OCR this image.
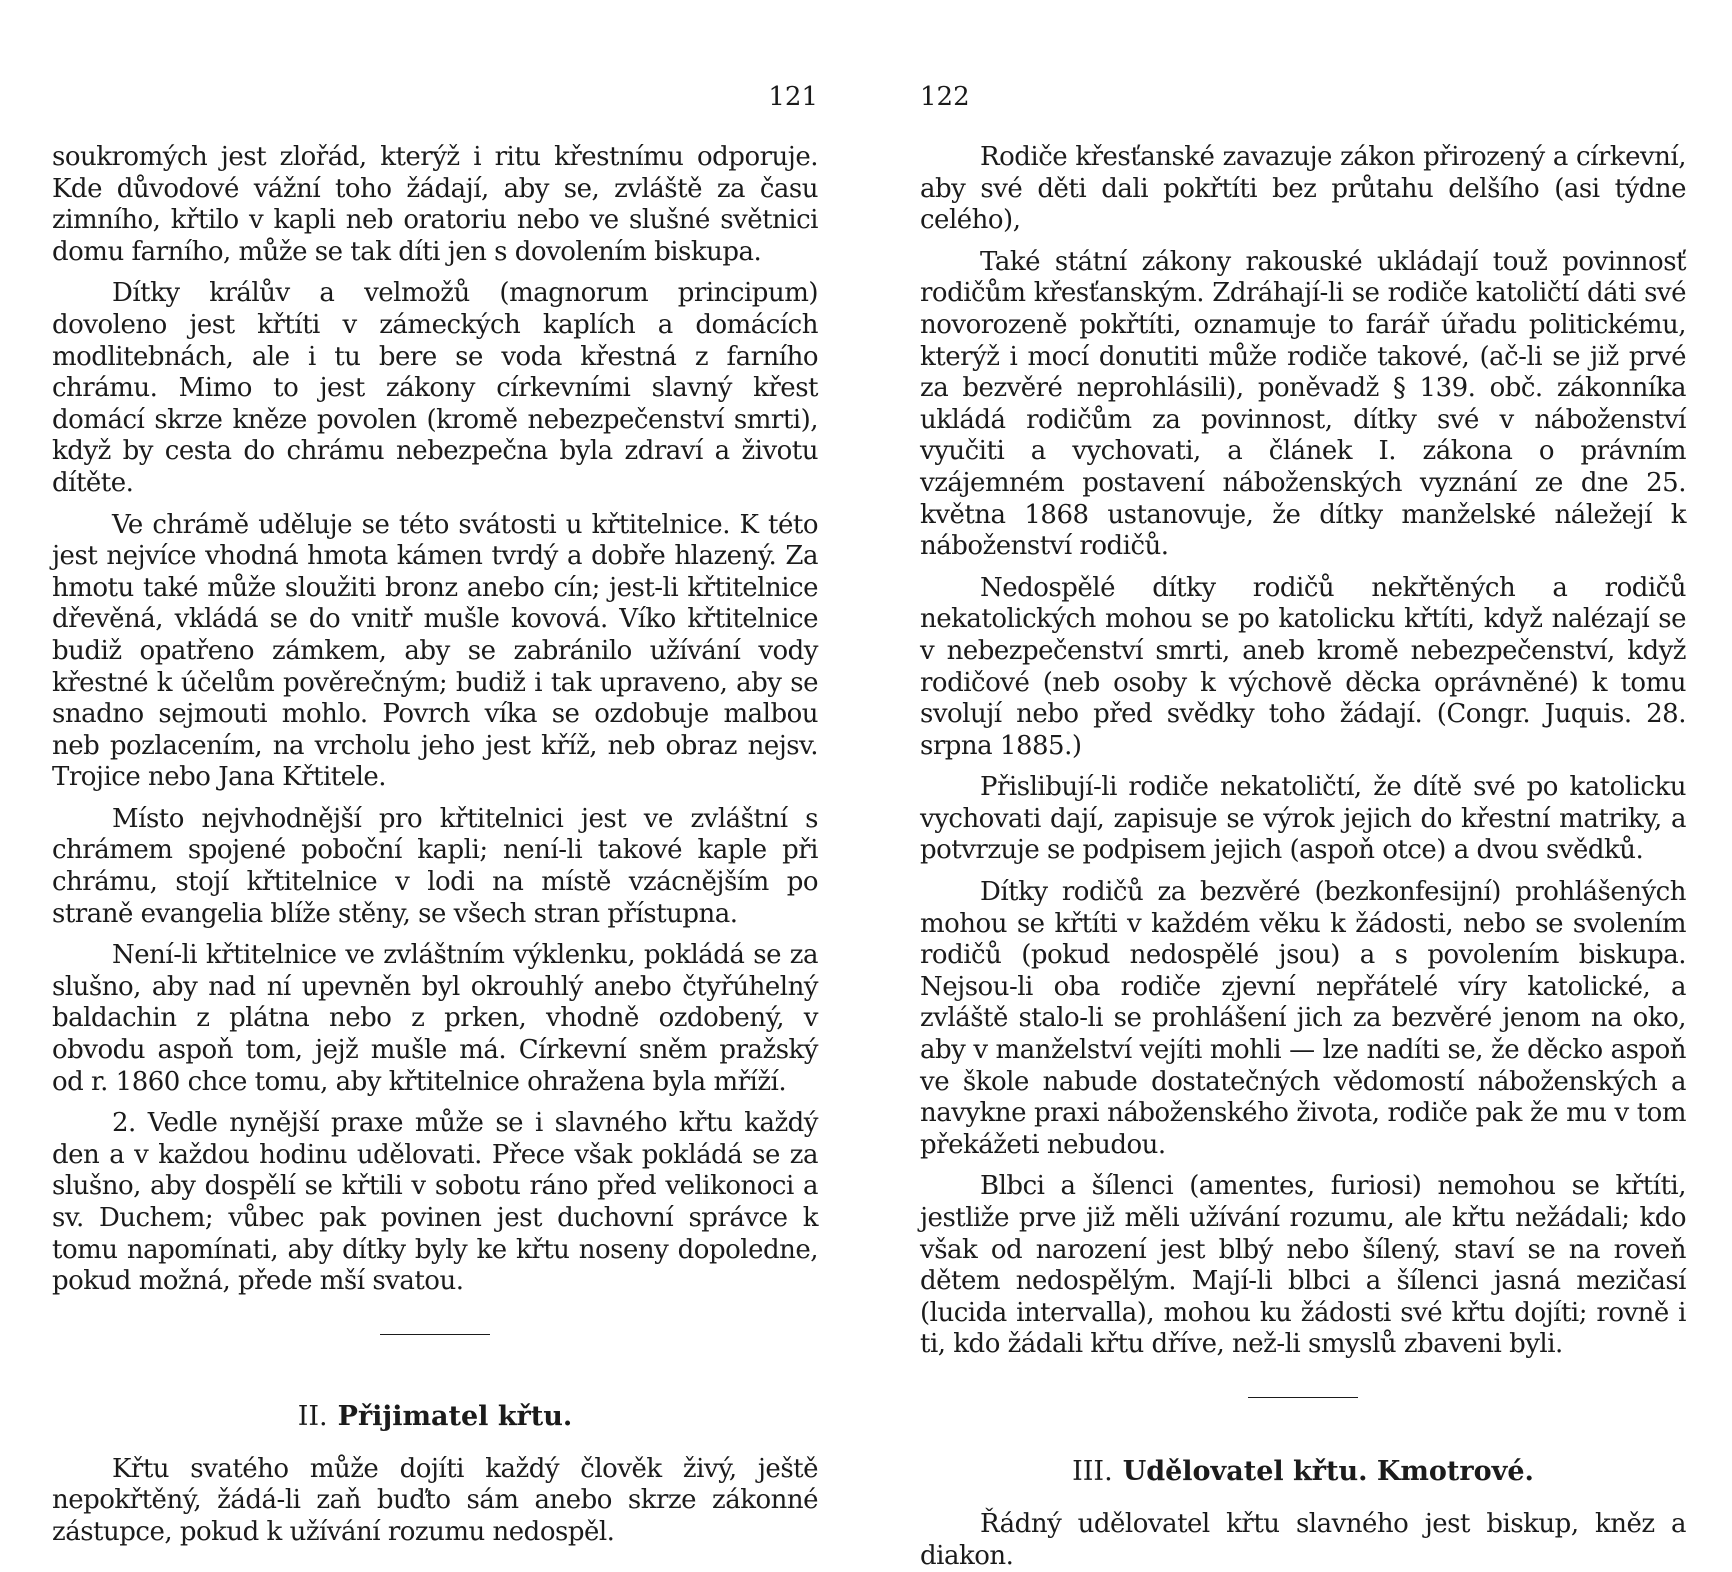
121

soukromých jest zlořád, kterýž i ritu křestnímu odporuje. Kde důvodové vážní toho žádají, aby se, zvláště za času zimního, křtilo v kapli neb oratoriu nebo ve slušné světnici domu farního, může se tak díti jen s dovolením biskupa.

Dítky králův a velmožů (magnorum principum) dovoleno jest křtíti v zámeckých kaplích a domácích modlitebnách, ale i tu bere se voda křestná z farního chrámu. Mimo to jest zákony církevními slavný křest domácí skrze kněze povolen (kromě nebezpečenství smrti), když by cesta do chrámu nebezpečna byla zdraví a životu dítěte.

Ve chrámě uděluje se této svátosti u křtitelnice. K této jest nejvíce vhodná hmota kámen tvrdý a dobře hlazený. Za hmotu také může sloužiti bronz anebo cín; jest-li křtitelnice dřevěná, vkládá se do vnitř mušle kovová. Víko křtitelnice budiž opatřeno zámkem, aby se zabránilo užívání vody křestné k účelům pověrečným; budiž i tak upraveno, aby se snadno sejmouti mohlo. Povrch víka se ozdobuje malbou neb pozlacením, na vrcholu jeho jest kříž, neb obraz nejsv. Trojice nebo Jana Křtitele.

Místo nejvhodnější pro křtitelnici jest ve zvláštní s chrámem spojené poboční kapli; není-li takové kaple při chrámu, stojí křtitelnice v lodi na místě vzácnějším po straně evangelia blíže stěny, se všech stran přístupna.

Není-li křtitelnice ve zvláštním výklenku, pokládá se za slušno, aby nad ní upevněn byl okrouhlý anebo čtyřúhelný baldachin z plátna nebo z prken, vhodně ozdobený, v obvodu aspoň tom, jejž mušle má. Církevní sněm pražský od r. 1860 chce tomu, aby křtitelnice ohražena byla mříží.

2. Vedle nynější praxe může se i slavného křtu každý den a v každou hodinu udělovati. Přece však pokládá se za slušno, aby dospělí se křtili v sobotu ráno před velikonoci a sv. Duchem; vůbec pak povinen jest duchovní správce k tomu napomínati, aby dítky byly ke křtu noseny dopoledne, pokud možná, přede mší svatou.

II. Přijimatel křtu.

Křtu svatého může dojíti každý člověk živý, ještě nepokřtěný, žádá-li zaň buďto sám anebo skrze zákonné zástupce, pokud k užívání rozumu nedospěl.

122

Rodiče křesťanské zavazuje zákon přirozený a církevní, aby své děti dali pokřtíti bez průtahu delšího (asi týdne celého),

Také státní zákony rakouské ukládají touž povinnosť rodičům křesťanským. Zdráhají-li se rodiče katoličtí dáti své novorozeně pokřtíti, oznamuje to farář úřadu politickému, kterýž i mocí donutiti může rodiče takové, (ač-li se již prvé za bezvěré neprohlásili), poněvadž § 139. obč. zákonníka ukládá rodičům za povinnost, dítky své v náboženství vyučiti a vychovati, a článek I. zákona o právním vzájemném postavení náboženských vyznání ze dne 25. května 1868 ustanovuje, že dítky manželské náležejí k náboženství rodičů.

Nedospělé dítky rodičů nekřtěných a rodičů nekatolických mohou se po katolicku křtíti, když nalézají se v nebezpečenství smrti, aneb kromě nebezpečenství, když rodičové (neb osoby k výchově děcka oprávněné) k tomu svolují nebo před svědky toho žádají. (Congr. Juquis. 28. srpna 1885.)

Přislibují-li rodiče nekatoličtí, že dítě své po katolicku vychovati dají, zapisuje se výrok jejich do křestní matriky, a potvrzuje se podpisem jejich (aspoň otce) a dvou svědků.

Dítky rodičů za bezvěré (bezkonfesijní) prohlášených mohou se křtíti v každém věku k žádosti, nebo se svolením rodičů (pokud nedospělé jsou) a s povolením biskupa. Nejsou-li oba rodiče zjevní nepřátelé víry katolické, a zvláště stalo-li se prohlášení jich za bezvěré jenom na oko, aby v manželství vejíti mohli — lze nadíti se, že děcko aspoň ve škole nabude dostatečných vědomostí náboženských a navykne praxi náboženského života, rodiče pak že mu v tom překážeti nebudou.

Blbci a šílenci (amentes, furiosi) nemohou se křtíti, jestliže prve již měli užívání rozumu, ale křtu nežádali; kdo však od narození jest blbý nebo šílený, staví se na roveň dětem nedospělým. Mají-li blbci a šílenci jasná mezičasí (lucida intervalla), mohou ku žádosti své křtu dojíti; rovně i ti, kdo žádali křtu dříve, než-li smyslů zbaveni byli.

III. Udělovatel křtu. Kmotrové.

Řádný udělovatel křtu slavného jest biskup, kněz a diakon.
